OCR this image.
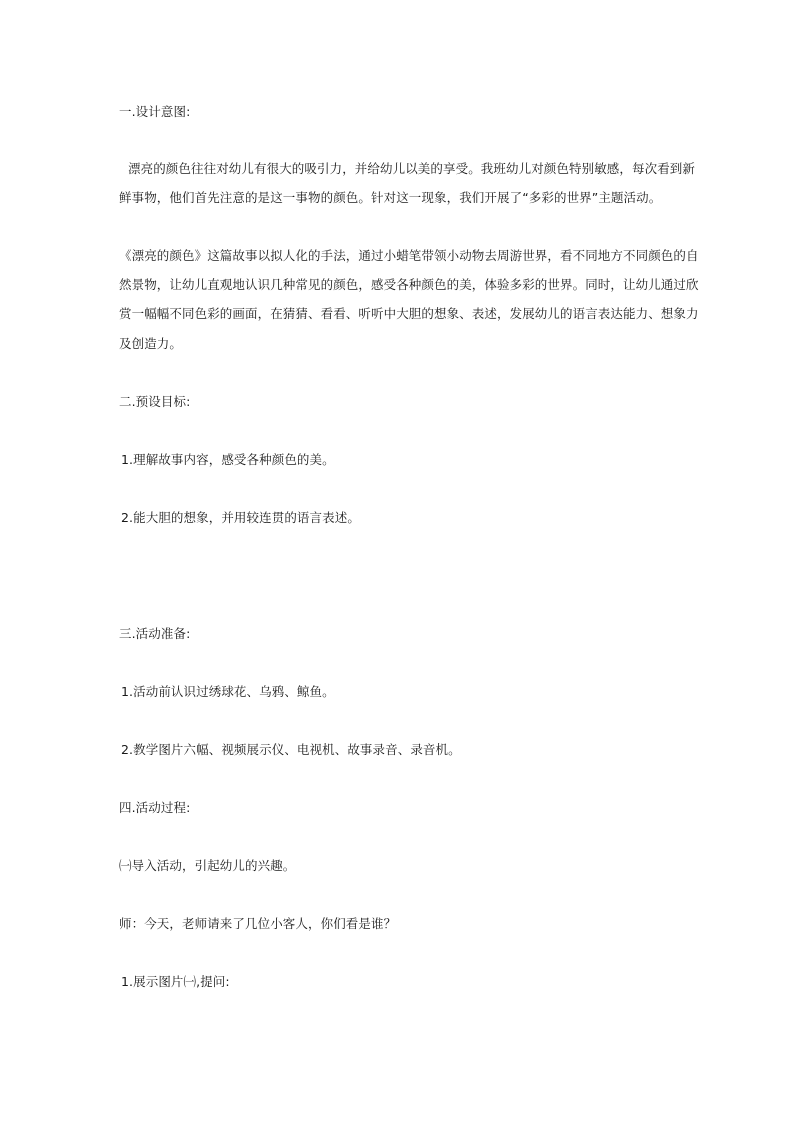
一.设计意图:
漂亮的颜色往往对幼儿有很大的吸引力，并给幼儿以美的享受。我班幼儿对颜色特别敏感，每次看到新
鲜事物，他们首先注意的是这一事物的颜色。针对这一现象，我们开展了“多彩的世界”主题活动。
《漂亮的颜色》这篇故事以拟人化的手法，通过小蜡笔带领小动物去周游世界，看不同地方不同颜色的自
然景物，让幼儿直观地认识几种常见的颜色，感受各种颜色的美，体验多彩的世界。同时，让幼儿通过欣
赏一幅幅不同色彩的画面，在猜猜、看看、听听中大胆的想象、表述，发展幼儿的语言表达能力、想象力
及创造力。
二.预设目标:
1.理解故事内容，感受各种颜色的美。
2.能大胆的想象，并用较连贯的语言表述。
三.活动准备:
1.活动前认识过绣球花、乌鸦、鲸鱼。
2.教学图片六幅、视频展示仪、电视机、故事录音、录音机。
四.活动过程:
㈠导入活动，引起幼儿的兴趣。
师：今天，老师请来了几位小客人，你们看是谁？
1.展示图片㈠,提问:
